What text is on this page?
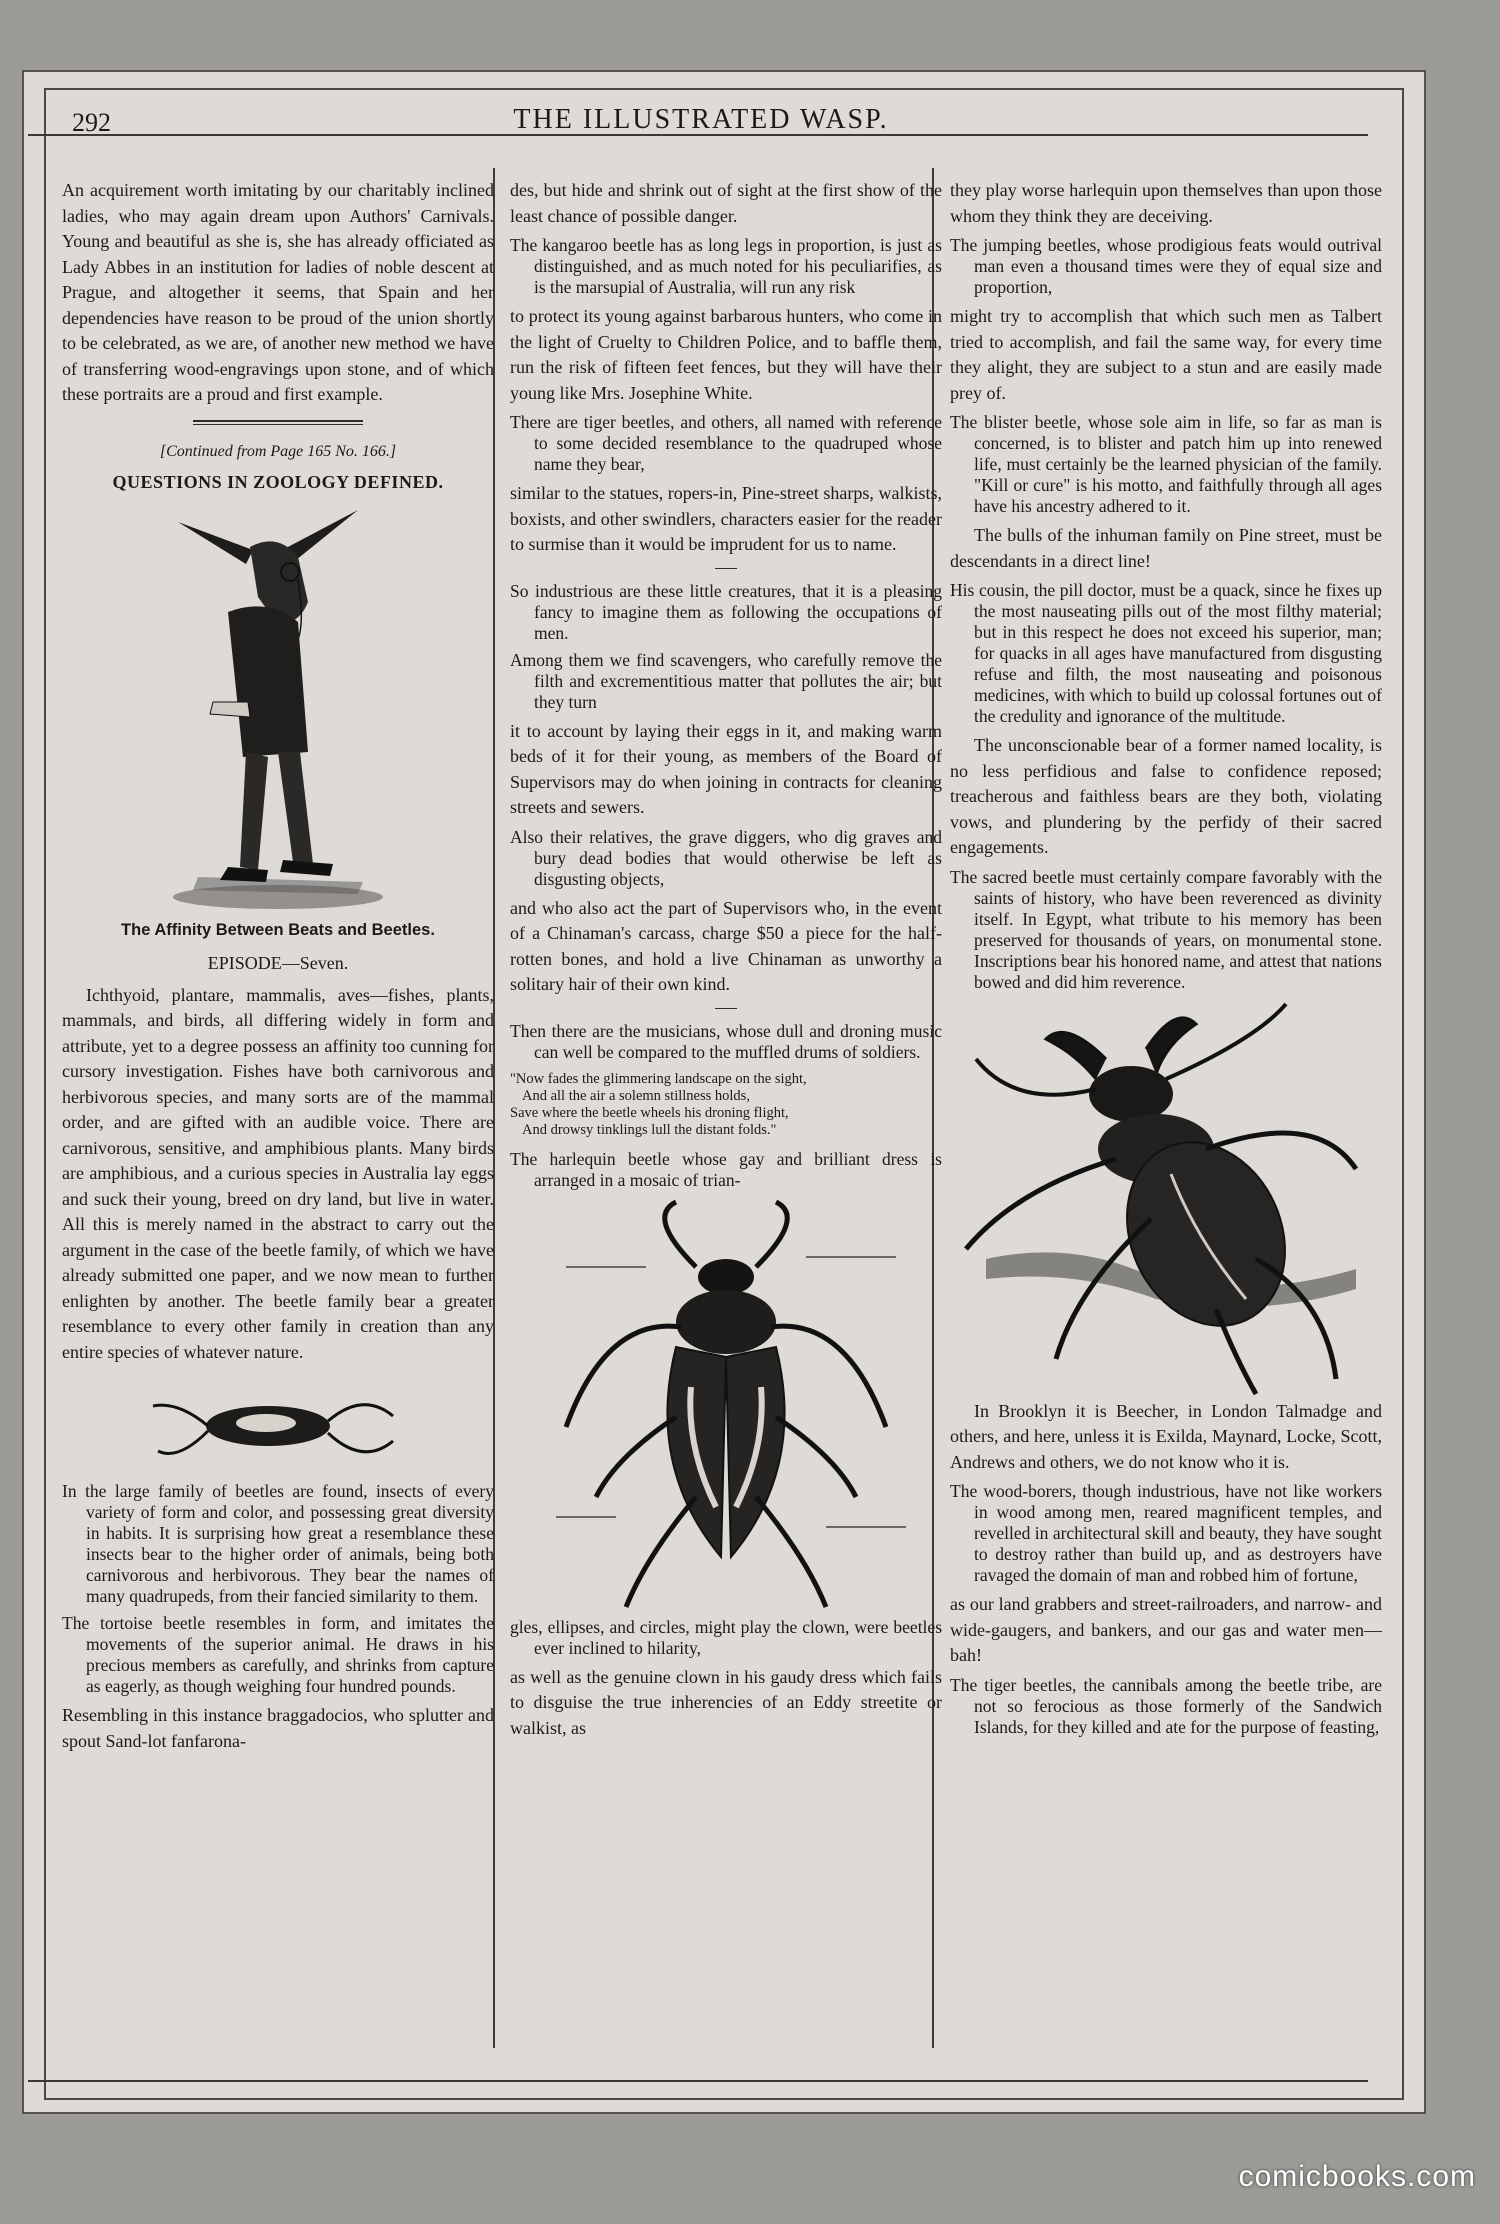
292	THE ILLUSTRATED WASP.

An acquirement worth imitating by our charitably inclined ladies, who may again dream upon Authors' Carnivals. Young and beautiful as she is, she has already officiated as Lady Abbes in an institution for ladies of noble descent at Prague, and altogether it seems, that Spain and her dependencies have reason to be proud of the union shortly to be celebrated, as we are, of another new method we have of transferring wood-engravings upon stone, and of which these portraits are a proud and first example.

[Continued from Page 165 No. 166.]

QUESTIONS IN ZOOLOGY DEFINED.

The Affinity Between Beats and Beetles.

EPISODE—Seven.

Ichthyoid, plantare, mammalis, aves—fishes, plants, mammals, and birds, all differing widely in form and attribute, yet to a degree possess an affinity too cunning for cursory investigation. Fishes have both carnivorous and herbivorous species, and many sorts are of the mammal order, and are gifted with an audible voice. There are carnivorous, sensitive, and amphibious plants. Many birds are amphibious, and a curious species in Australia lay eggs and suck their young, breed on dry land, but live in water. All this is merely named in the abstract to carry out the argument in the case of the beetle family, of which we have already submitted one paper, and we now mean to further enlighten by another. The beetle family bear a greater resemblance to every other family in creation than any entire species of whatever nature.

In the large family of beetles are found, insects of every variety of form and color, and possessing great diversity in habits. It is surprising how great a resemblance these insects bear to the higher order of animals, being both carnivorous and herbivorous. They bear the names of many quadrupeds, from their fancied similarity to them.

The tortoise beetle resembles in form, and imitates the movements of the superior animal. He draws in his precious members as carefully, and shrinks from capture as eagerly, as though weighing four hundred pounds.

Resembling in this instance braggadocios, who splutter and spout Sand-lot fanfarona-

des, but hide and shrink out of sight at the first show of the least chance of possible danger.

The kangaroo beetle has as long legs in proportion, is just as distinguished, and as much noted for his peculiarifies, as is the marsupial of Australia, will run any risk

to protect its young against barbarous hunters, who come in the light of Cruelty to Children Police, and to baffle them, run the risk of fifteen feet fences, but they will have their young like Mrs. Josephine White.

There are tiger beetles, and others, all named with reference to some decided resemblance to the quadruped whose name they bear,

similar to the statues, ropers-in, Pine-street sharps, walkists, boxists, and other swindlers, characters easier for the reader to surmise than it would be imprudent for us to name.

So industrious are these little creatures, that it is a pleasing fancy to imagine them as following the occupations of men.

Among them we find scavengers, who carefully remove the filth and excrementitious matter that pollutes the air; but they turn

it to account by laying their eggs in it, and making warm beds of it for their young, as members of the Board of Supervisors may do when joining in contracts for cleaning streets and sewers.

Also their relatives, the grave diggers, who dig graves and bury dead bodies that would otherwise be left as disgusting objects,

and who also act the part of Supervisors who, in the event of a Chinaman's carcass, charge $50 a piece for the half-rotten bones, and hold a live Chinaman as unworthy a solitary hair of their own kind.

Then there are the musicians, whose dull and droning music can well be compared to the muffled drums of soldiers.

"Now fades the glimmering landscape on the sight,
And all the air a solemn stillness holds,
Save where the beetle wheels his droning flight,
And drowsy tinklings lull the distant folds."

The harlequin beetle whose gay and brilliant dress is arranged in a mosaic of trian-

gles, ellipses, and circles, might play the clown, were beetles ever inclined to hilarity,

as well as the genuine clown in his gaudy dress which fails to disguise the true inherencies of an Eddy streetite or walkist, as

they play worse harlequin upon themselves than upon those whom they think they are deceiving.

The jumping beetles, whose prodigious feats would outrival man even a thousand times were they of equal size and proportion,

might try to accomplish that which such men as Talbert tried to accomplish, and fail the same way, for every time they alight, they are subject to a stun and are easily made prey of.

The blister beetle, whose sole aim in life, so far as man is concerned, is to blister and patch him up into renewed life, must certainly be the learned physician of the family. "Kill or cure" is his motto, and faithfully through all ages have his ancestry adhered to it.

The bulls of the inhuman family on Pine street, must be descendants in a direct line!

His cousin, the pill doctor, must be a quack, since he fixes up the most nauseating pills out of the most filthy material; but in this respect he does not exceed his superior, man; for quacks in all ages have manufactured from disgusting refuse and filth, the most nauseating and poisonous medicines, with which to build up colossal fortunes out of the credulity and ignorance of the multitude.

The unconscionable bear of a former named locality, is no less perfidious and false to confidence reposed; treacherous and faithless bears are they both, violating vows, and plundering by the perfidy of their sacred engagements.

The sacred beetle must certainly compare favorably with the saints of history, who have been reverenced as divinity itself. In Egypt, what tribute to his memory has been preserved for thousands of years, on monumental stone. Inscriptions bear his honored name, and attest that nations bowed and did him reverence.

In Brooklyn it is Beecher, in London Talmadge and others, and here, unless it is Exilda, Maynard, Locke, Scott, Andrews and others, we do not know who it is.

The wood-borers, though industrious, have not like workers in wood among men, reared magnificent temples, and revelled in architectural skill and beauty, they have sought to destroy rather than build up, and as destroyers have ravaged the domain of man and robbed him of fortune,

as our land grabbers and street-railroaders, and narrow- and wide-gaugers, and bankers, and our gas and water men—bah!

The tiger beetles, the cannibals among the beetle tribe, are not so ferocious as those formerly of the Sandwich Islands, for they killed and ate for the purpose of feasting,

comicbooks.com
